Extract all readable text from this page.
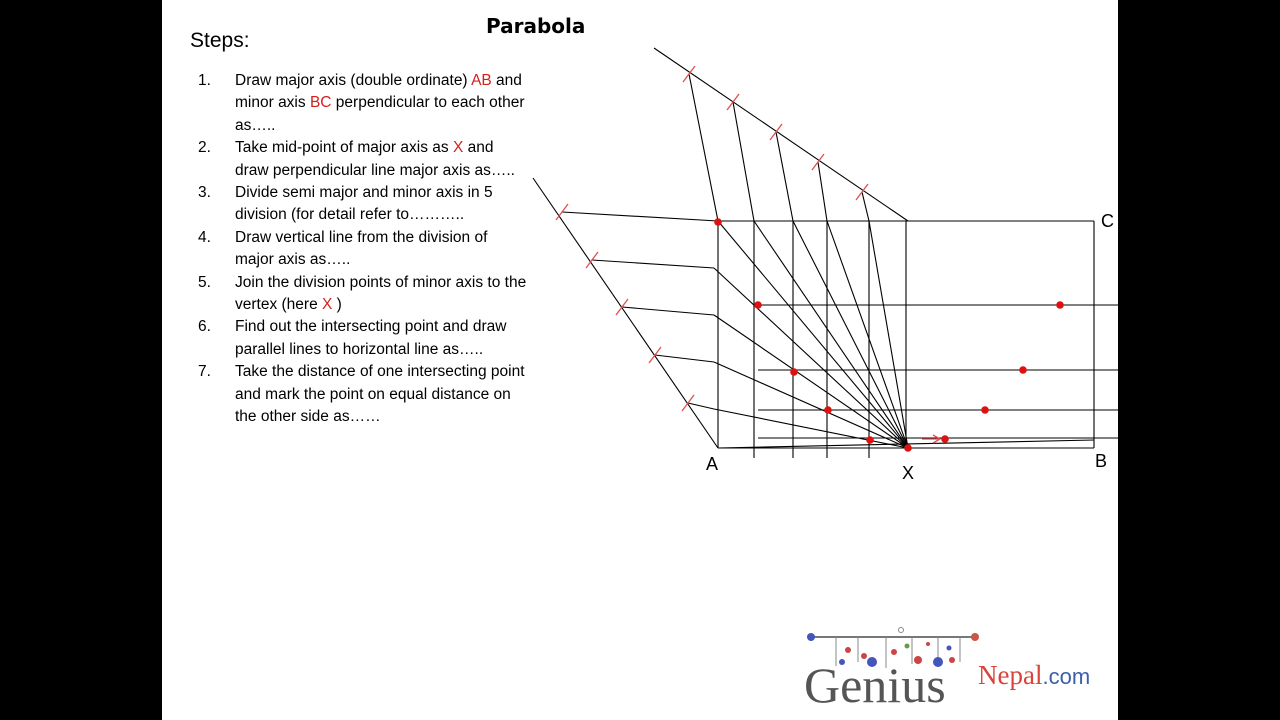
Parabola
Steps:
1.	Draw major axis (double ordinate) AB and minor axis BC perpendicular to each other as…..
2.	Take mid-point of major axis as X and draw perpendicular line major axis as…..
3.	Divide semi major and minor axis in 5 division (for detail refer to………..
4.	Draw vertical line from the division of major axis as…..
5.	Join the division points of minor axis to the vertex (here X )
6.	Find out the intersecting point and draw parallel lines to horizontal line as…..
7.	Take the distance of one intersecting point and mark the point on equal distance on the other side as……
A	X
B
C
Genius Nepal.com
